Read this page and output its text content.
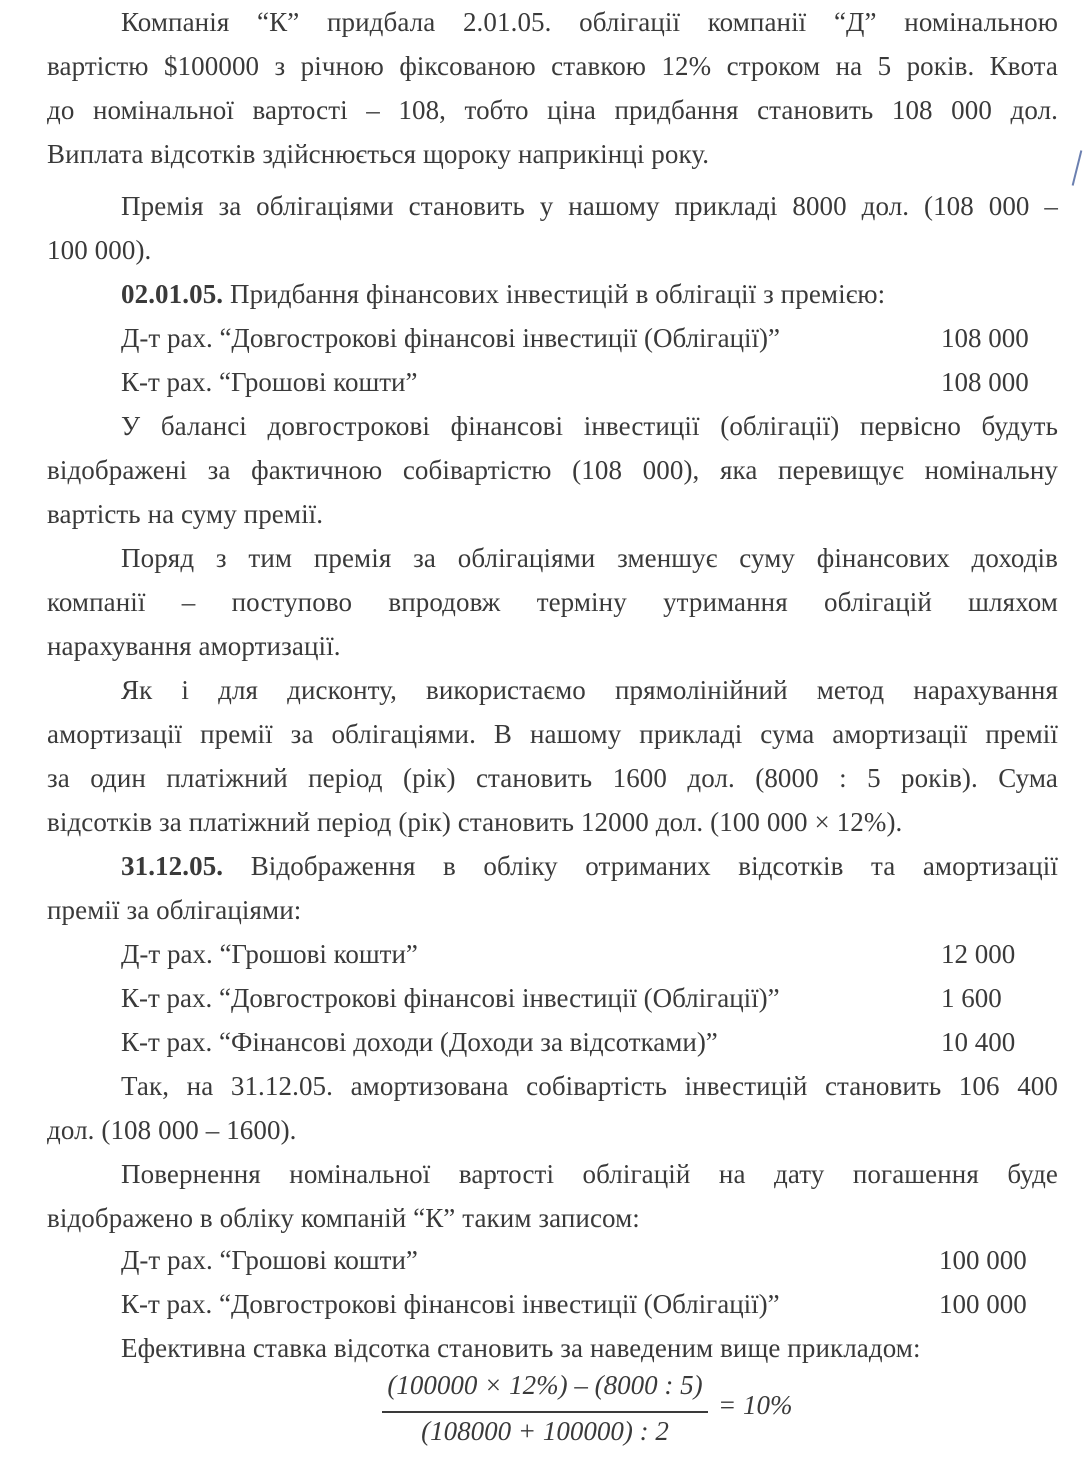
Компанія “К” придбала 2.01.05. облігації компанії “Д” номінальною
вартістю $100000 з річною фіксованою ставкою 12% строком на 5 років. Квота
до номінальної вартості – 108, тобто ціна придбання становить 108 000 дол.
Виплата відсотків здійснюється щороку наприкінці року.
Премія за облігаціями становить у нашому прикладі 8000 дол. (108 000 –
100 000).
02.01.05. Придбання фінансових інвестицій в облігації з премією:
Д-т рах. “Довгострокові фінансові інвестиції (Облігації)”	108 000
К-т рах. “Грошові кошти”	108 000
У балансі довгострокові фінансові інвестиції (облігації) первісно будуть
відображені за фактичною собівартістю (108 000), яка перевищує номінальну
вартість на суму премії.
Поряд з тим премія за облігаціями зменшує суму фінансових доходів
компанії – поступово впродовж терміну утримання облігацій шляхом
нарахування амортизації.
Як і для дисконту, використаємо прямолінійний метод нарахування
амортизації премії за облігаціями. В нашому прикладі сума амортизації премії
за один платіжний період (рік) становить 1600 дол. (8000 : 5 років). Сума
відсотків за платіжний період (рік) становить 12000 дол. (100 000 × 12%).
31.12.05. Відображення в обліку отриманих відсотків та амортизації
премії за облігаціями:
Д-т рах. “Грошові кошти”	12 000
К-т рах. “Довгострокові фінансові інвестиції (Облігації)”	1 600
К-т рах. “Фінансові доходи (Доходи за відсотками)”	10 400
Так, на 31.12.05. амортизована собівартість інвестицій становить 106 400
дол. (108 000 – 1600).
Повернення номінальної вартості облігацій на дату погашення буде
відображено в обліку компаній “К” таким записом:
Д-т рах. “Грошові кошти”	100 000
К-т рах. “Довгострокові фінансові інвестиції (Облігації)”	100 000
Ефективна ставка відсотка становить за наведеним вище прикладом:
(100000 × 12%) – (8000 : 5)
(108000 + 100000) : 2
= 10%
